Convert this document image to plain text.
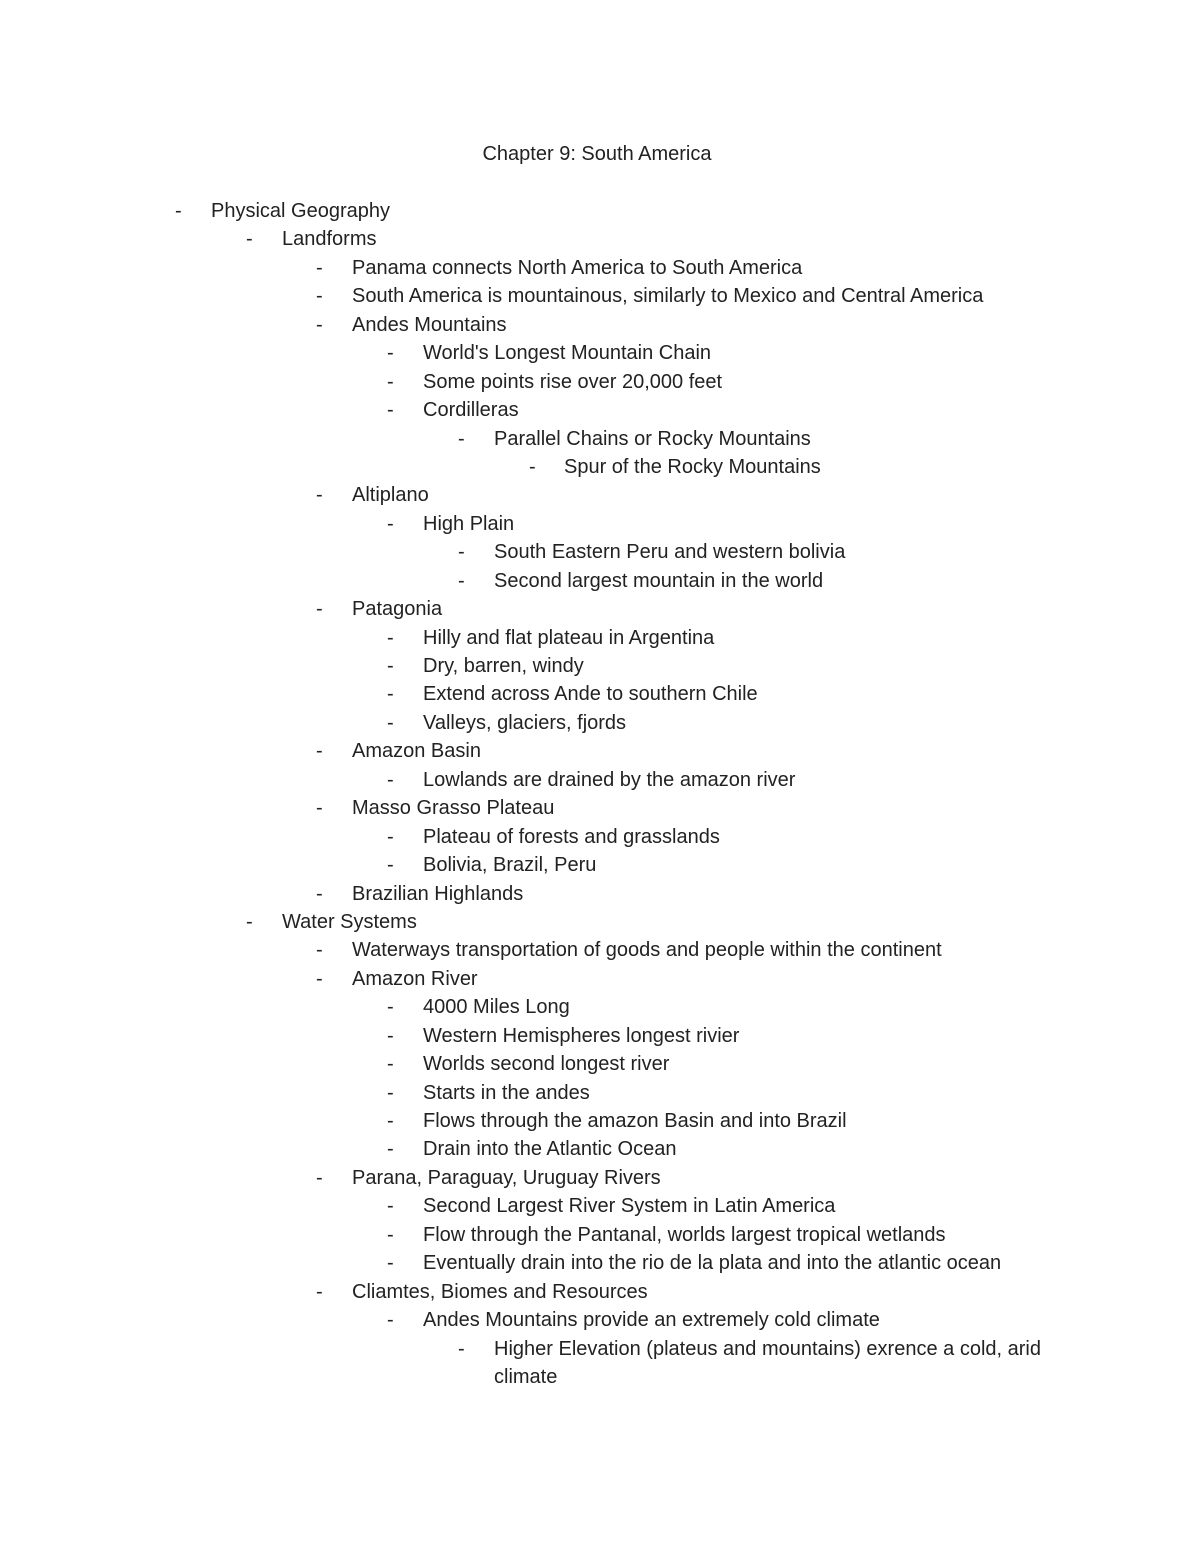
Chapter 9: South America
-	Physical Geography
-	Landforms
-	Panama connects North America to South America
-	South America is mountainous, similarly to Mexico and Central America
-	Andes Mountains
-	World's Longest Mountain Chain
-	Some points rise over 20,000 feet
-	Cordilleras
-	Parallel Chains or Rocky Mountains
-	Spur of the Rocky Mountains
-	Altiplano
-	High Plain
-	South Eastern Peru and western bolivia
-	Second largest mountain in the world
-	Patagonia
-	Hilly and flat plateau in Argentina
-	Dry, barren, windy
-	Extend across Ande to southern Chile
-	Valleys, glaciers, fjords
-	Amazon Basin
-	Lowlands are drained by the amazon river
-	Masso Grasso Plateau
-	Plateau of forests and grasslands
-	Bolivia, Brazil, Peru
-	Brazilian Highlands
-	Water Systems
-	Waterways transportation of goods and people within the continent
-	Amazon River
-	4000 Miles Long
-	Western Hemispheres longest rivier
-	Worlds second longest river
-	Starts in the andes
-	Flows through the amazon Basin and into Brazil
-	Drain into the Atlantic Ocean
-	Parana, Paraguay, Uruguay Rivers
-	Second Largest River System in Latin America
-	Flow through the Pantanal, worlds largest tropical wetlands
-	Eventually drain into the rio de la plata and into the atlantic ocean
-	Cliamtes, Biomes and Resources
-	Andes Mountains provide an extremely cold climate
-	Higher Elevation (plateus and mountains) exrence a cold, arid climate
